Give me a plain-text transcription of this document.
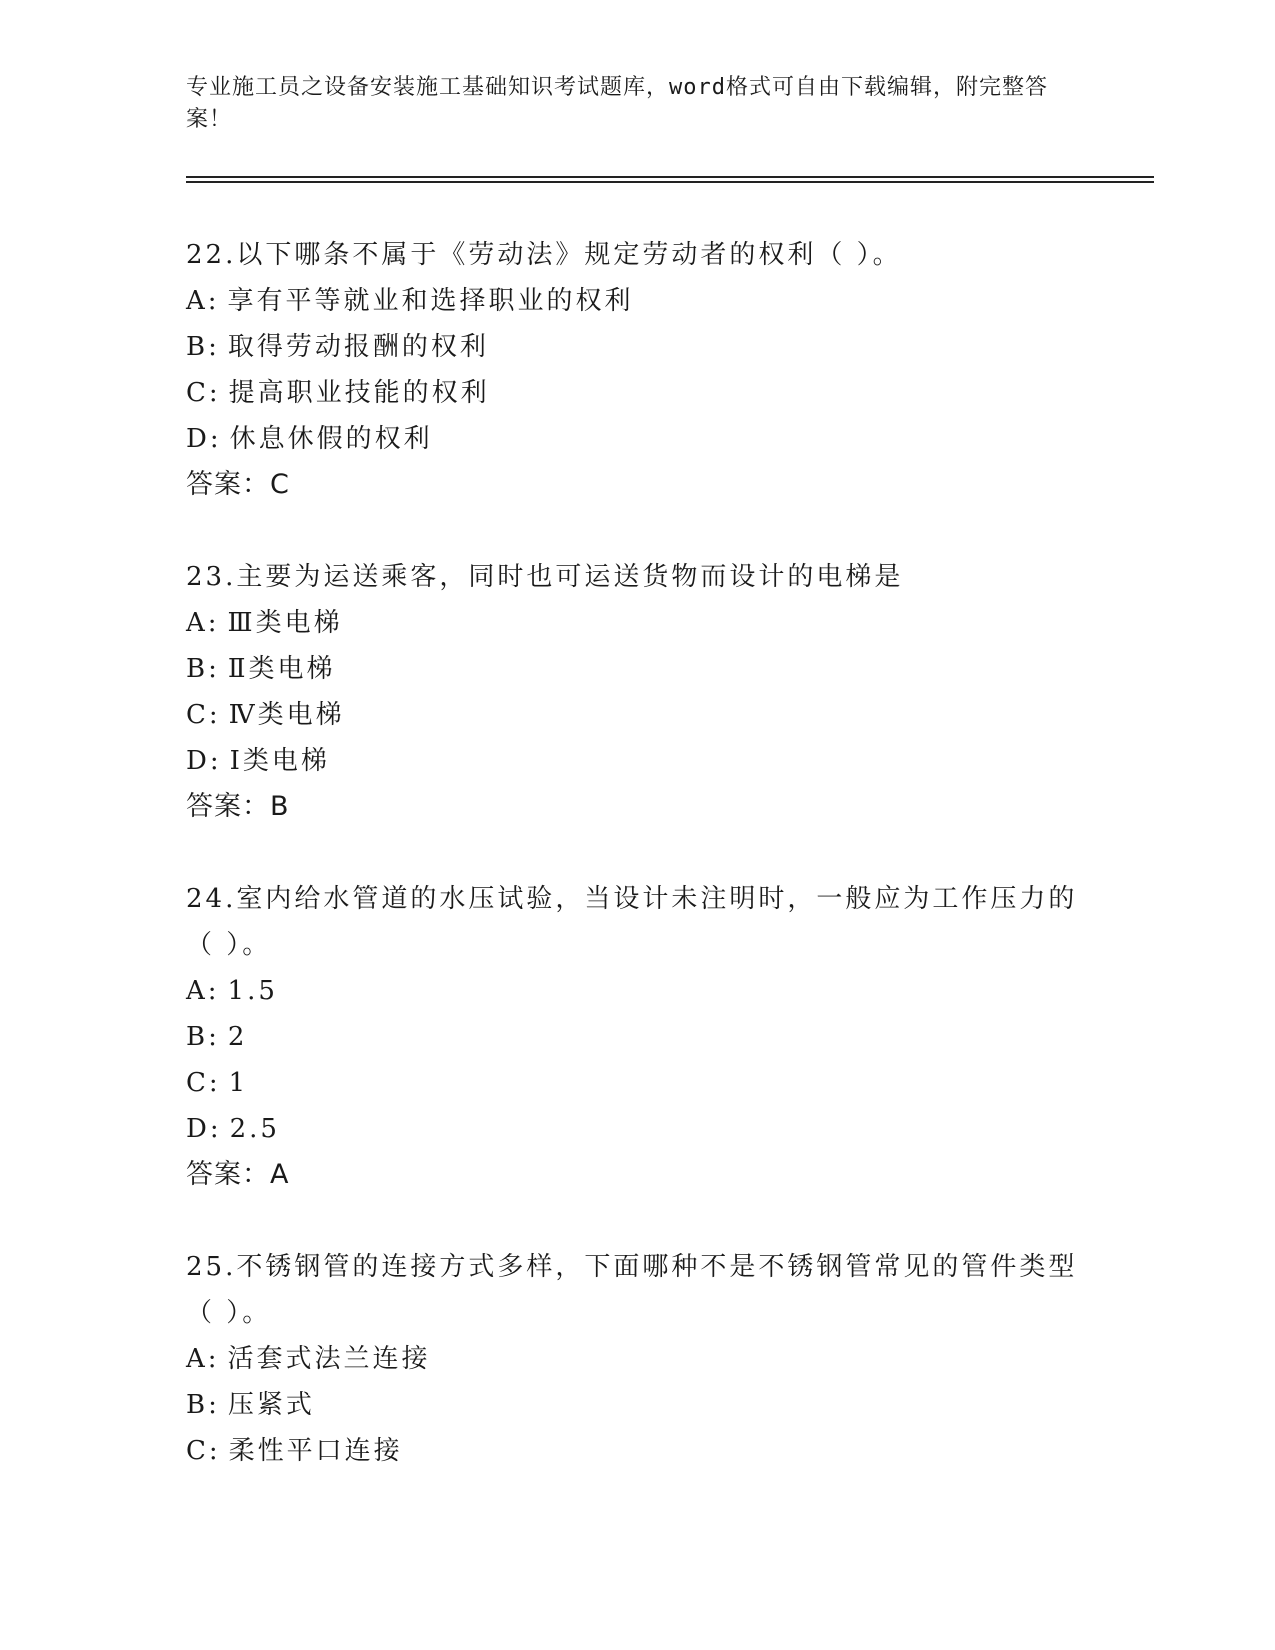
专业施工员之设备安装施工基础知识考试题库，word格式可自由下载编辑，附完整答案！
22.以下哪条不属于《劳动法》规定劳动者的权利（ ）。
A: 享有平等就业和选择职业的权利
B: 取得劳动报酬的权利
C: 提高职业技能的权利
D: 休息休假的权利
答案：C
23.主要为运送乘客，同时也可运送货物而设计的电梯是
A: Ⅲ类电梯
B: Ⅱ类电梯
C: Ⅳ类电梯
D: Ⅰ类电梯
答案：B
24.室内给水管道的水压试验，当设计未注明时，一般应为工作压力的（ ）。
A: 1.5
B: 2
C: 1
D: 2.5
答案：A
25.不锈钢管的连接方式多样，下面哪种不是不锈钢管常见的管件类型（ ）。
A: 活套式法兰连接
B: 压紧式
C: 柔性平口连接
